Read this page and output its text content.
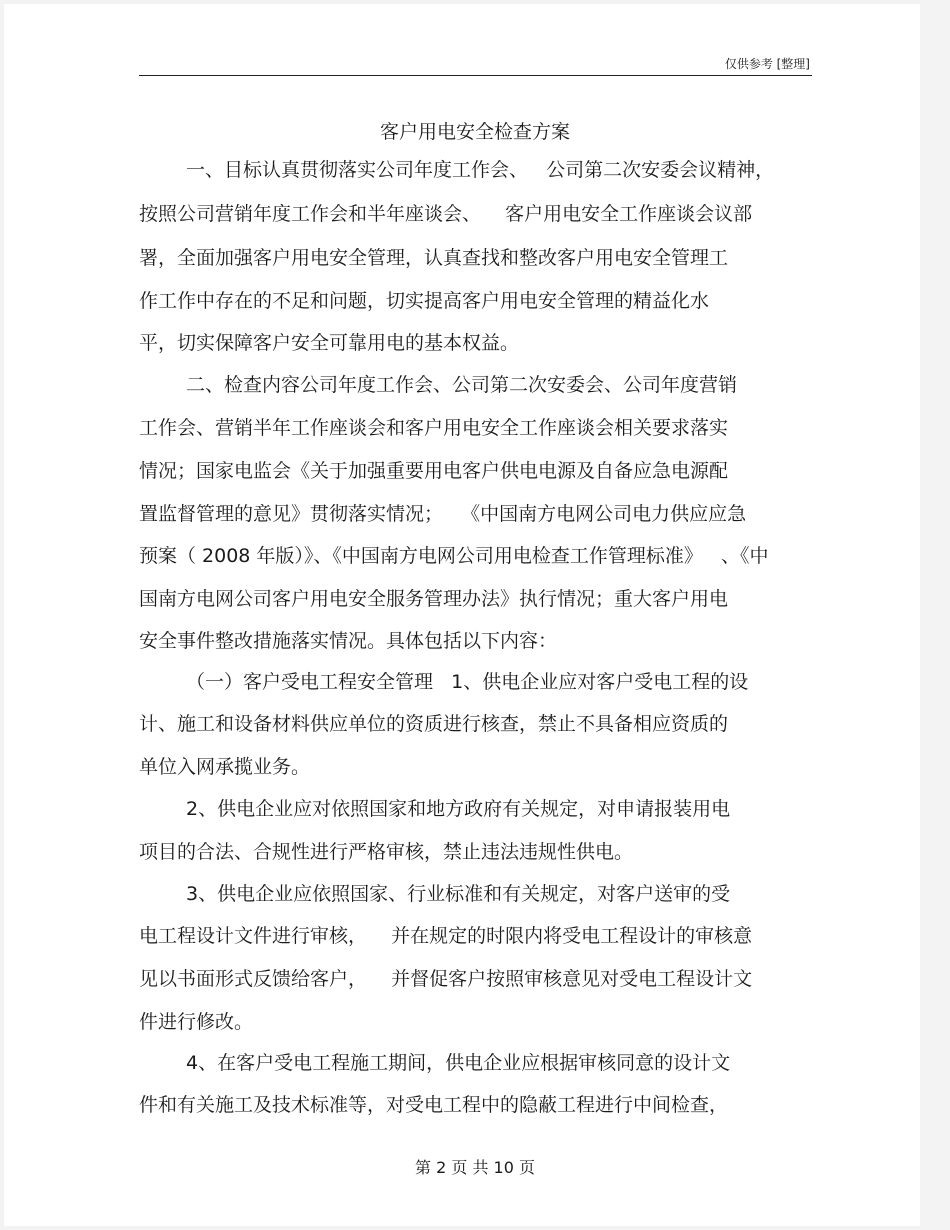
仅供参考 [整理]
客户用电安全检查方案
一、目标认真贯彻落实公司年度工作会、   公司第二次安委会议精神，
按照公司营销年度工作会和半年座谈会、    客户用电安全工作座谈会议部
署，全面加强客户用电安全管理，认真查找和整改客户用电安全管理工
作工作中存在的不足和问题，切实提高客户用电安全管理的精益化水
平，切实保障客户安全可靠用电的基本权益。
二、检查内容公司年度工作会、公司第二次安委会、公司年度营销
工作会、营销半年工作座谈会和客户用电安全工作座谈会相关要求落实
情况；国家电监会《关于加强重要用电客户供电电源及自备应急电源配
置监督管理的意见》贯彻落实情况；   《中国南方电网公司电力供应应急
预案（ 2008 年版）》、《中国南方电网公司用电检查工作管理标准》   、《中
国南方电网公司客户用电安全服务管理办法》执行情况；重大客户用电
安全事件整改措施落实情况。具体包括以下内容：
（一）客户受电工程安全管理   1、供电企业应对客户受电工程的设
计、施工和设备材料供应单位的资质进行核查，禁止不具备相应资质的
单位入网承揽业务。
2、供电企业应对依照国家和地方政府有关规定，对申请报装用电
项目的合法、合规性进行严格审核，禁止违法违规性供电。
3、供电企业应依照国家、行业标准和有关规定，对客户送审的受
电工程设计文件进行审核，    并在规定的时限内将受电工程设计的审核意
见以书面形式反馈给客户，    并督促客户按照审核意见对受电工程设计文
件进行修改。
4、在客户受电工程施工期间，供电企业应根据审核同意的设计文
件和有关施工及技术标准等，对受电工程中的隐蔽工程进行中间检查，
第 2 页 共 10 页
